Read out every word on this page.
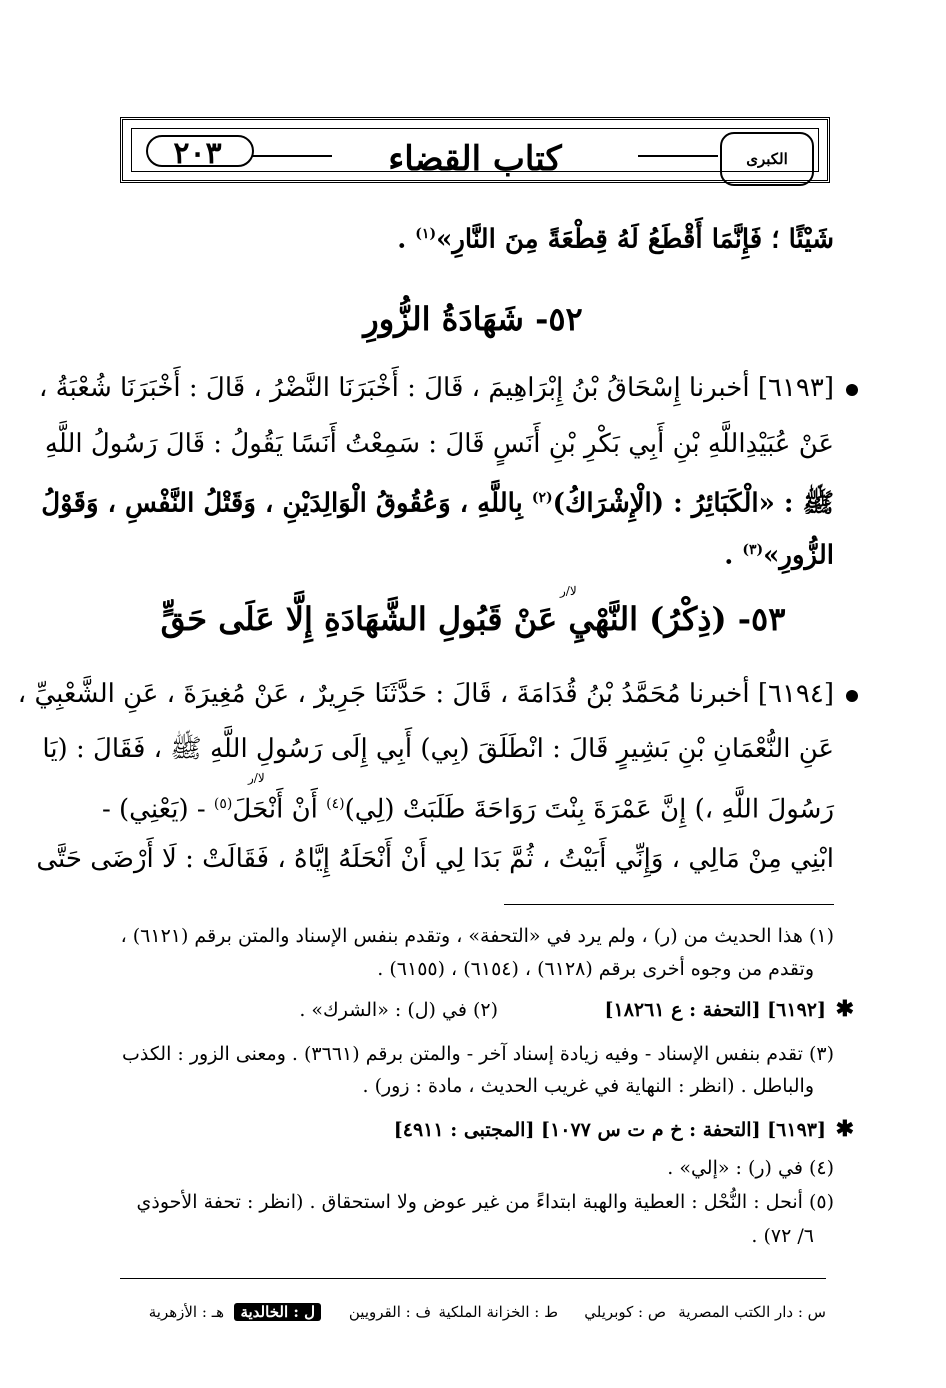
الكبرى
كتاب القضاء
٢٠٣
شَيْئًا ؛ فَإِنَّمَا أَقْطَعُ لَهُ قِطْعَةً مِنَ النَّارِ»$^{(١)}$ .
٥٢- شَهَادَةُ الزُّورِ
[٦١٩٣] أخبرنا إِسْحَاقُ بْنُ إِبْرَاهِيمَ ، قَالَ : أَخْبَرَنَا النَّضْرُ ، قَالَ : أَخْبَرَنَا شُعْبَةُ ،
عَنْ عُبَيْدِاللَّهِ بْنِ أَبِي بَكْرِ بْنِ أَنَسٍ قَالَ : سَمِعْتُ أَنَسًا يَقُولُ : قَالَ رَسُولُ اللَّهِ
ﷺ : «الْكَبَائِرُ : (الْإِشْرَاكُ)$^{(٢)}$ بِاللَّهِ ، وَعُقُوقُ الْوَالِدَيْنِ ، وَقَتْلُ النَّفْسِ ، وَقَوْلُ
الزُّورِ»$^{(٣)}$ .
لا/ر
٥٣- (ذِكْرُ) النَّهْيِ عَنْ قَبُولِ الشَّهَادَةِ إِلَّا عَلَى حَقٍّ
[٦١٩٤] أخبرنا مُحَمَّدُ بْنُ قُدَامَةَ ، قَالَ : حَدَّثَنَا جَرِيرٌ ، عَنْ مُغِيرَةَ ، عَنِ الشَّعْبِيِّ ،
عَنِ النُّعْمَانِ بْنِ بَشِيرٍ قَالَ : انْطَلَقَ (بِي) أَبِي إِلَى رَسُولِ اللَّهِ ﷺ ، فَقَالَ : (يَا
لا/ر
رَسُولَ اللَّهِ ،) إِنَّ عَمْرَةَ بِنْتَ رَوَاحَةَ طَلَبَتْ (لِي)$^{(٤)}$ أَنْ أَنْحَلَ$^{(٥)}$ - (يَعْنِي) -
ابْنِي مِنْ مَالِي ، وَإِنِّي أَبَيْتُ ، ثُمَّ بَدَا لِي أَنْ أَنْحَلَهُ إِيَّاهُ ، فَقَالَتْ : لَا أَرْضَى حَتَّى
(١) هذا الحديث من (ر) ، ولم يرد في «التحفة» ، وتقدم بنفس الإسناد والمتن برقم (٦١٢١) ،
وتقدم من وجوه أخرى برقم (٦١٢٨) ، (٦١٥٤) ، (٦١٥٥) .
✱
[٦١٩٢] [التحفة : ع ١٨٢٦١]
(٢) في (ل) : «الشرك» .
(٣) تقدم بنفس الإسناد - وفيه زيادة إسناد آخر - والمتن برقم (٣٦٦١) . ومعنى الزور : الكذب
والباطل . (انظر : النهاية في غريب الحديث ، مادة : زور) .
✱
[٦١٩٣] [التحفة : خ م ت س ١٠٧٧] [المجتبى : ٤٩١١]
(٤) في (ر) : «إلي» .
(٥) أنحل : النُّحْل : العطية والهبة ابتداءً من غير عوض ولا استحقاق . (انظر : تحفة الأحوذي
٦/ ٧٢) .
س : دار الكتب المصرية
ص : كوبريلي
ط : الخزانة الملكية
ف : القرويين
ل : الخالدية
هـ : الأزهرية
